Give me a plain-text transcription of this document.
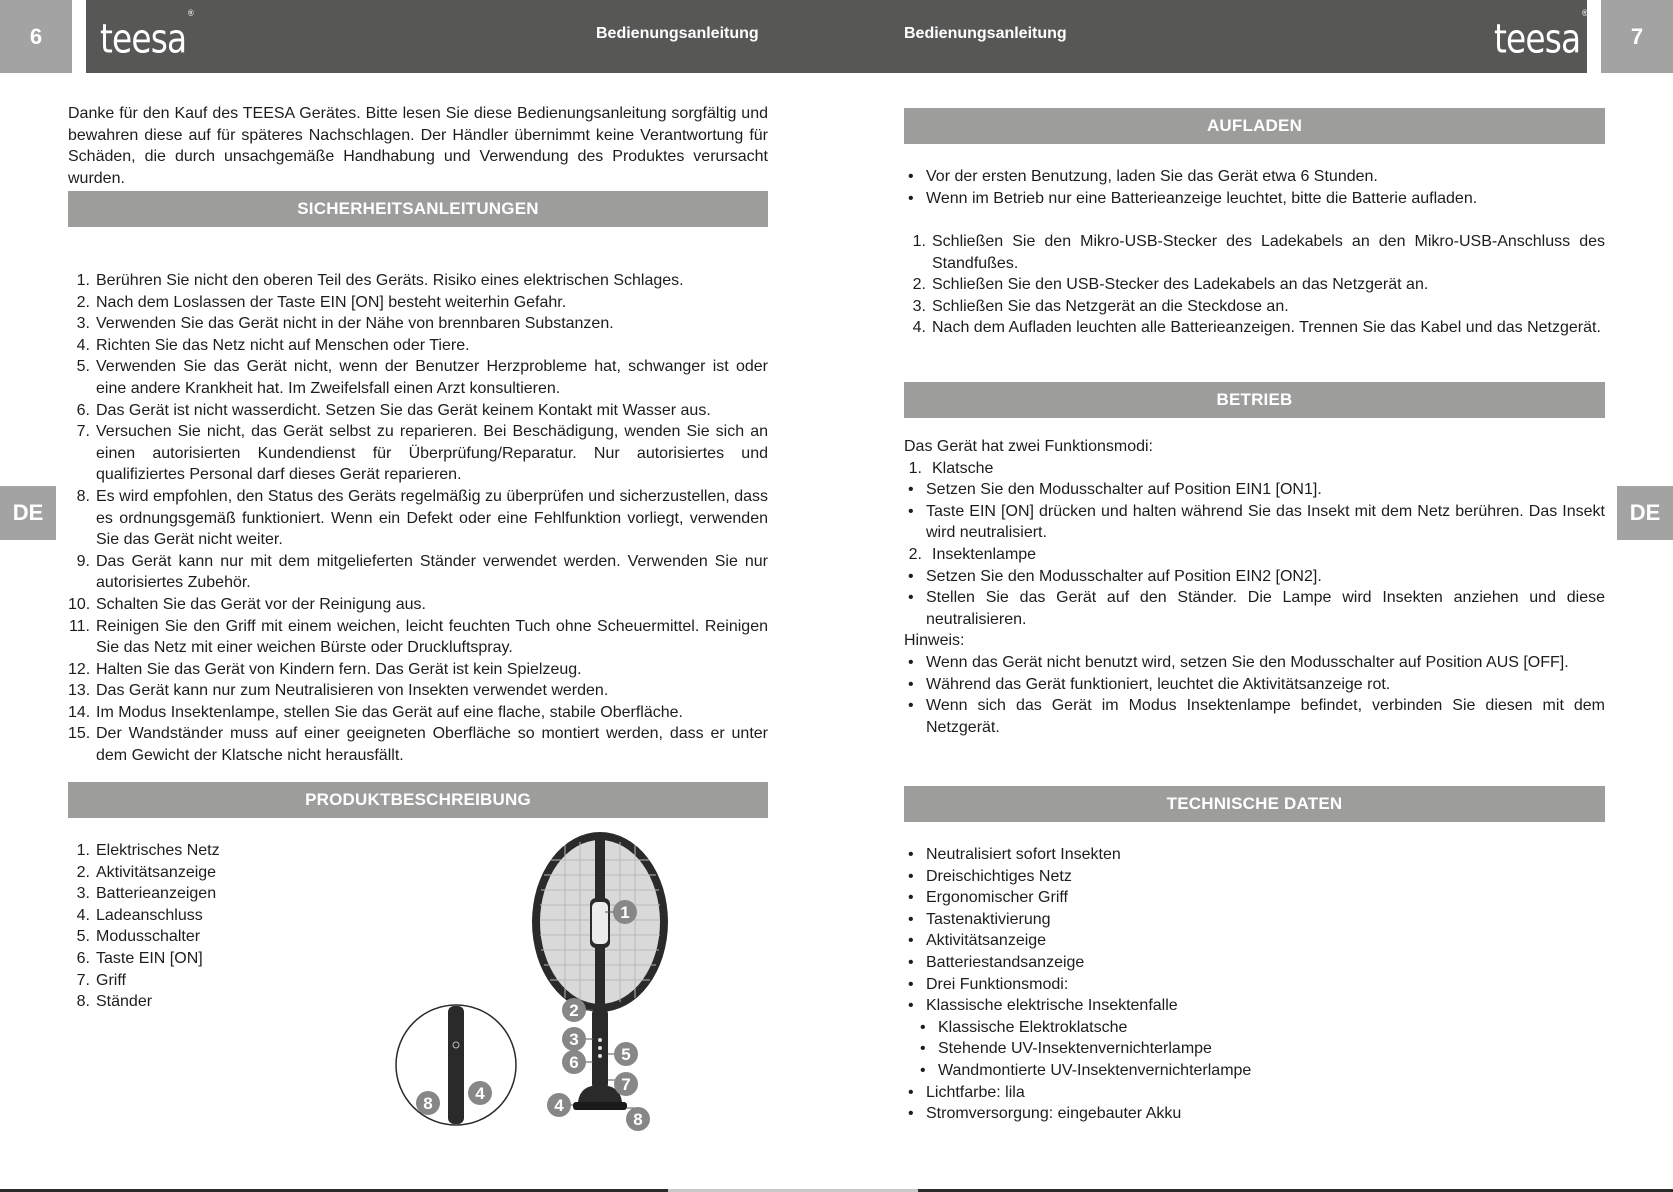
6	teesa®
Bedienungsanleitung	Bedienungsanleitung	teesa®
7
DE	DE

Danke für den Kauf des TEESA Gerätes. Bitte lesen Sie diese Bedienungsanleitung sorgfältig und bewahren diese auf für späteres Nachschlagen. Der Händler übernimmt keine Verantwortung für Schäden, die durch unsachgemäße Handhabung und Verwendung des Produktes verursacht wurden.

SICHERHEITSANLEITUNGEN
1. Berühren Sie nicht den oberen Teil des Geräts. Risiko eines elektrischen Schlages.
2. Nach dem Loslassen der Taste EIN [ON] besteht weiterhin Gefahr.
3. Verwenden Sie das Gerät nicht in der Nähe von brennbaren Substanzen.
4. Richten Sie das Netz nicht auf Menschen oder Tiere.
5. Verwenden Sie das Gerät nicht, wenn der Benutzer Herzprobleme hat, schwanger ist oder eine andere Krankheit hat. Im Zweifelsfall einen Arzt konsultieren.
6. Das Gerät ist nicht wasserdicht. Setzen Sie das Gerät keinem Kontakt mit Wasser aus.
7. Versuchen Sie nicht, das Gerät selbst zu reparieren. Bei Beschädigung, wenden Sie sich an einen autorisierten Kundendienst für Überprüfung/Reparatur. Nur autorisiertes und qualifiziertes Personal darf dieses Gerät reparieren.
8. Es wird empfohlen, den Status des Geräts regelmäßig zu überprüfen und sicherzustellen, dass es ordnungsgemäß funktioniert. Wenn ein Defekt oder eine Fehlfunktion vorliegt, verwenden Sie das Gerät nicht weiter.
9. Das Gerät kann nur mit dem mitgelieferten Ständer verwendet werden. Verwenden Sie nur autorisiertes Zubehör.
10. Schalten Sie das Gerät vor der Reinigung aus.
11. Reinigen Sie den Griff mit einem weichen, leicht feuchten Tuch ohne Scheuermittel. Reinigen Sie das Netz mit einer weichen Bürste oder Druckluftspray.
12. Halten Sie das Gerät von Kindern fern. Das Gerät ist kein Spielzeug.
13. Das Gerät kann nur zum Neutralisieren von Insekten verwendet werden.
14. Im Modus Insektenlampe, stellen Sie das Gerät auf eine flache, stabile Oberfläche.
15. Der Wandständer muss auf einer geeigneten Oberfläche so montiert werden, dass er unter dem Gewicht der Klatsche nicht herausfällt.
PRODUKTBESCHREIBUNG
1. Elektrisches Netz
2. Aktivitätsanzeige
3. Batterieanzeigen
4. Ladeanschluss
5. Modusschalter
6. Taste EIN [ON]
7. Griff
8. Ständer
1
2
3
4
5
6
7
8
8
4
AUFLADEN
• Vor der ersten Benutzung, laden Sie das Gerät etwa 6 Stunden.
• Wenn im Betrieb nur eine Batterieanzeige leuchtet, bitte die Batterie aufladen.
1. Schließen Sie den Mikro-USB-Stecker des Ladekabels an den Mikro-USB-Anschluss des Standfußes.
2. Schließen Sie den USB-Stecker des Ladekabels an das Netzgerät an.
3. Schließen Sie das Netzgerät an die Steckdose an.
4. Nach dem Aufladen leuchten alle Batterieanzeigen. Trennen Sie das Kabel und das Netzgerät.
BETRIEB
Das Gerät hat zwei Funktionsmodi:
1. Klatsche
• Setzen Sie den Modusschalter auf Position EIN1 [ON1].
• Taste EIN [ON] drücken und halten während Sie das Insekt mit dem Netz berühren. Das Insekt wird neutralisiert.
2. Insektenlampe
• Setzen Sie den Modusschalter auf Position EIN2 [ON2].
• Stellen Sie das Gerät auf den Ständer. Die Lampe wird Insekten anziehen und diese neutralisieren.
Hinweis:
• Wenn das Gerät nicht benutzt wird, setzen Sie den Modusschalter auf Position AUS [OFF].
• Während das Gerät funktioniert, leuchtet die Aktivitätsanzeige rot.
• Wenn sich das Gerät im Modus Insektenlampe befindet, verbinden Sie diesen mit dem Netzgerät.
TECHNISCHE DATEN
• Neutralisiert sofort Insekten
• Dreischichtiges Netz
• Ergonomischer Griff
• Tastenaktivierung
• Aktivitätsanzeige
• Batteriestandsanzeige
• Drei Funktionsmodi:
• Klassische elektrische Insektenfalle
• Klassische Elektroklatsche
• Stehende UV-Insektenvernichterlampe
• Wandmontierte UV-Insektenvernichterlampe
• Lichtfarbe: lila
• Stromversorgung: eingebauter Akku
